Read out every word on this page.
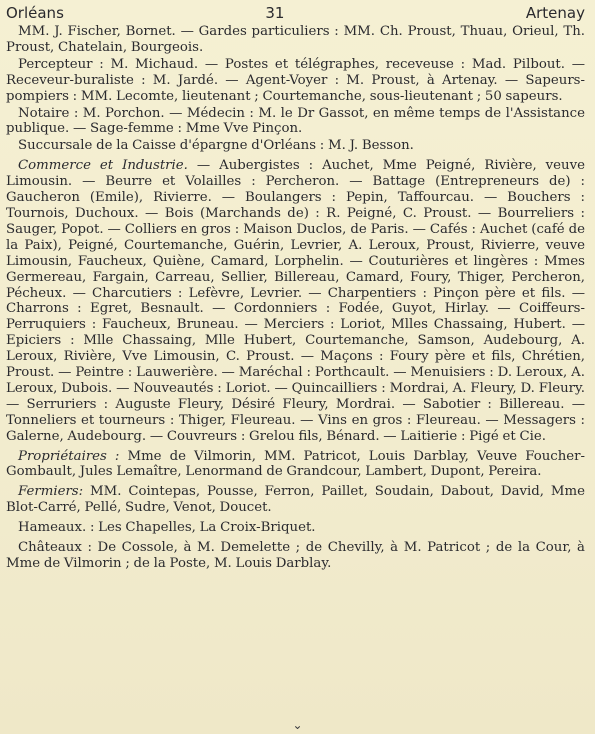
Orléans	31	Artenay

MM. J. Fischer, Bornet. — Gardes particuliers : MM. Ch. Proust, Thuau, Orieul, Th. Proust, Chatelain, Bourgeois.

Percepteur : M. Michaud. — Postes et télégraphes, receveuse : Mad. Pilbout. — Receveur-buraliste : M. Jardé. — Agent-Voyer : M. Proust, à Artenay. — Sapeurs-pompiers : MM. Lecomte, lieutenant ; Courtemanche, sous-lieutenant ; 50 sapeurs.

Notaire : M. Porchon. — Médecin : M. le Dr Gassot, en même temps de l'Assistance publique. — Sage-femme : Mme Vve Pinçon.

Succursale de la Caisse d'épargne d'Orléans : M. J. Besson.

Commerce et Industrie. — Aubergistes : Auchet, Mme Peigné, Rivière, veuve Limousin. — Beurre et Volailles : Percheron. — Battage (Entrepreneurs de) : Gaucheron (Emile), Rivierre. — Boulangers : Pepin, Taffourcau. — Bouchers : Tournois, Duchoux. — Bois (Marchands de) : R. Peigné, C. Proust. — Bourreliers : Sauger, Popot. — Colliers en gros : Maison Duclos, de Paris. — Cafés : Auchet (café de la Paix), Peigné, Courtemanche, Guérin, Levrier, A. Leroux, Proust, Rivierre, veuve Limousin, Faucheux, Quiène, Camard, Lorphelin. — Couturières et lingères : Mmes Germereau, Fargain, Carreau, Sellier, Billereau, Camard, Foury, Thiger, Percheron, Pécheux. — Charcutiers : Lefèvre, Levrier. — Charpentiers : Pinçon père et fils. — Charrons : Egret, Besnault. — Cordonniers : Fodée, Guyot, Hirlay. — Coiffeurs-Perruquiers : Faucheux, Bruneau. — Merciers : Loriot, Mlles Chassaing, Hubert. — Epiciers : Mlle Chassaing, Mlle Hubert, Courtemanche, Samson, Audebourg, A. Leroux, Rivière, Vve Limousin, C. Proust. — Maçons : Foury père et fils, Chrétien, Proust. — Peintre : Lauwerière. — Maréchal : Porthcault. — Menuisiers : D. Leroux, A. Leroux, Dubois. — Nouveautés : Loriot. — Quincailliers : Mordrai, A. Fleury, D. Fleury. — Serruriers : Auguste Fleury, Désiré Fleury, Mordrai. — Sabotier : Billereau. — Tonneliers et tourneurs : Thiger, Fleureau. — Vins en gros : Fleureau. — Messagers : Galerne, Audebourg. — Couvreurs : Grelou fils, Bénard. — Laitierie : Pigé et Cie.

Propriétaires : Mme de Vilmorin, MM. Patricot, Louis Darblay, Veuve Foucher-Gombault, Jules Lemaître, Lenormand de Grandcour, Lambert, Dupont, Pereira.

Fermiers: MM. Cointepas, Pousse, Ferron, Paillet, Soudain, Dabout, David, Mme Blot-Carré, Pellé, Sudre, Venot, Doucet.

Hameaux. : Les Chapelles, La Croix-Briquet.

Châteaux : De Cossole, à M. Demelette ; de Chevilly, à M. Patricot ; de la Cour, à Mme de Vilmorin ; de la Poste, M. Louis Darblay.

⌄
